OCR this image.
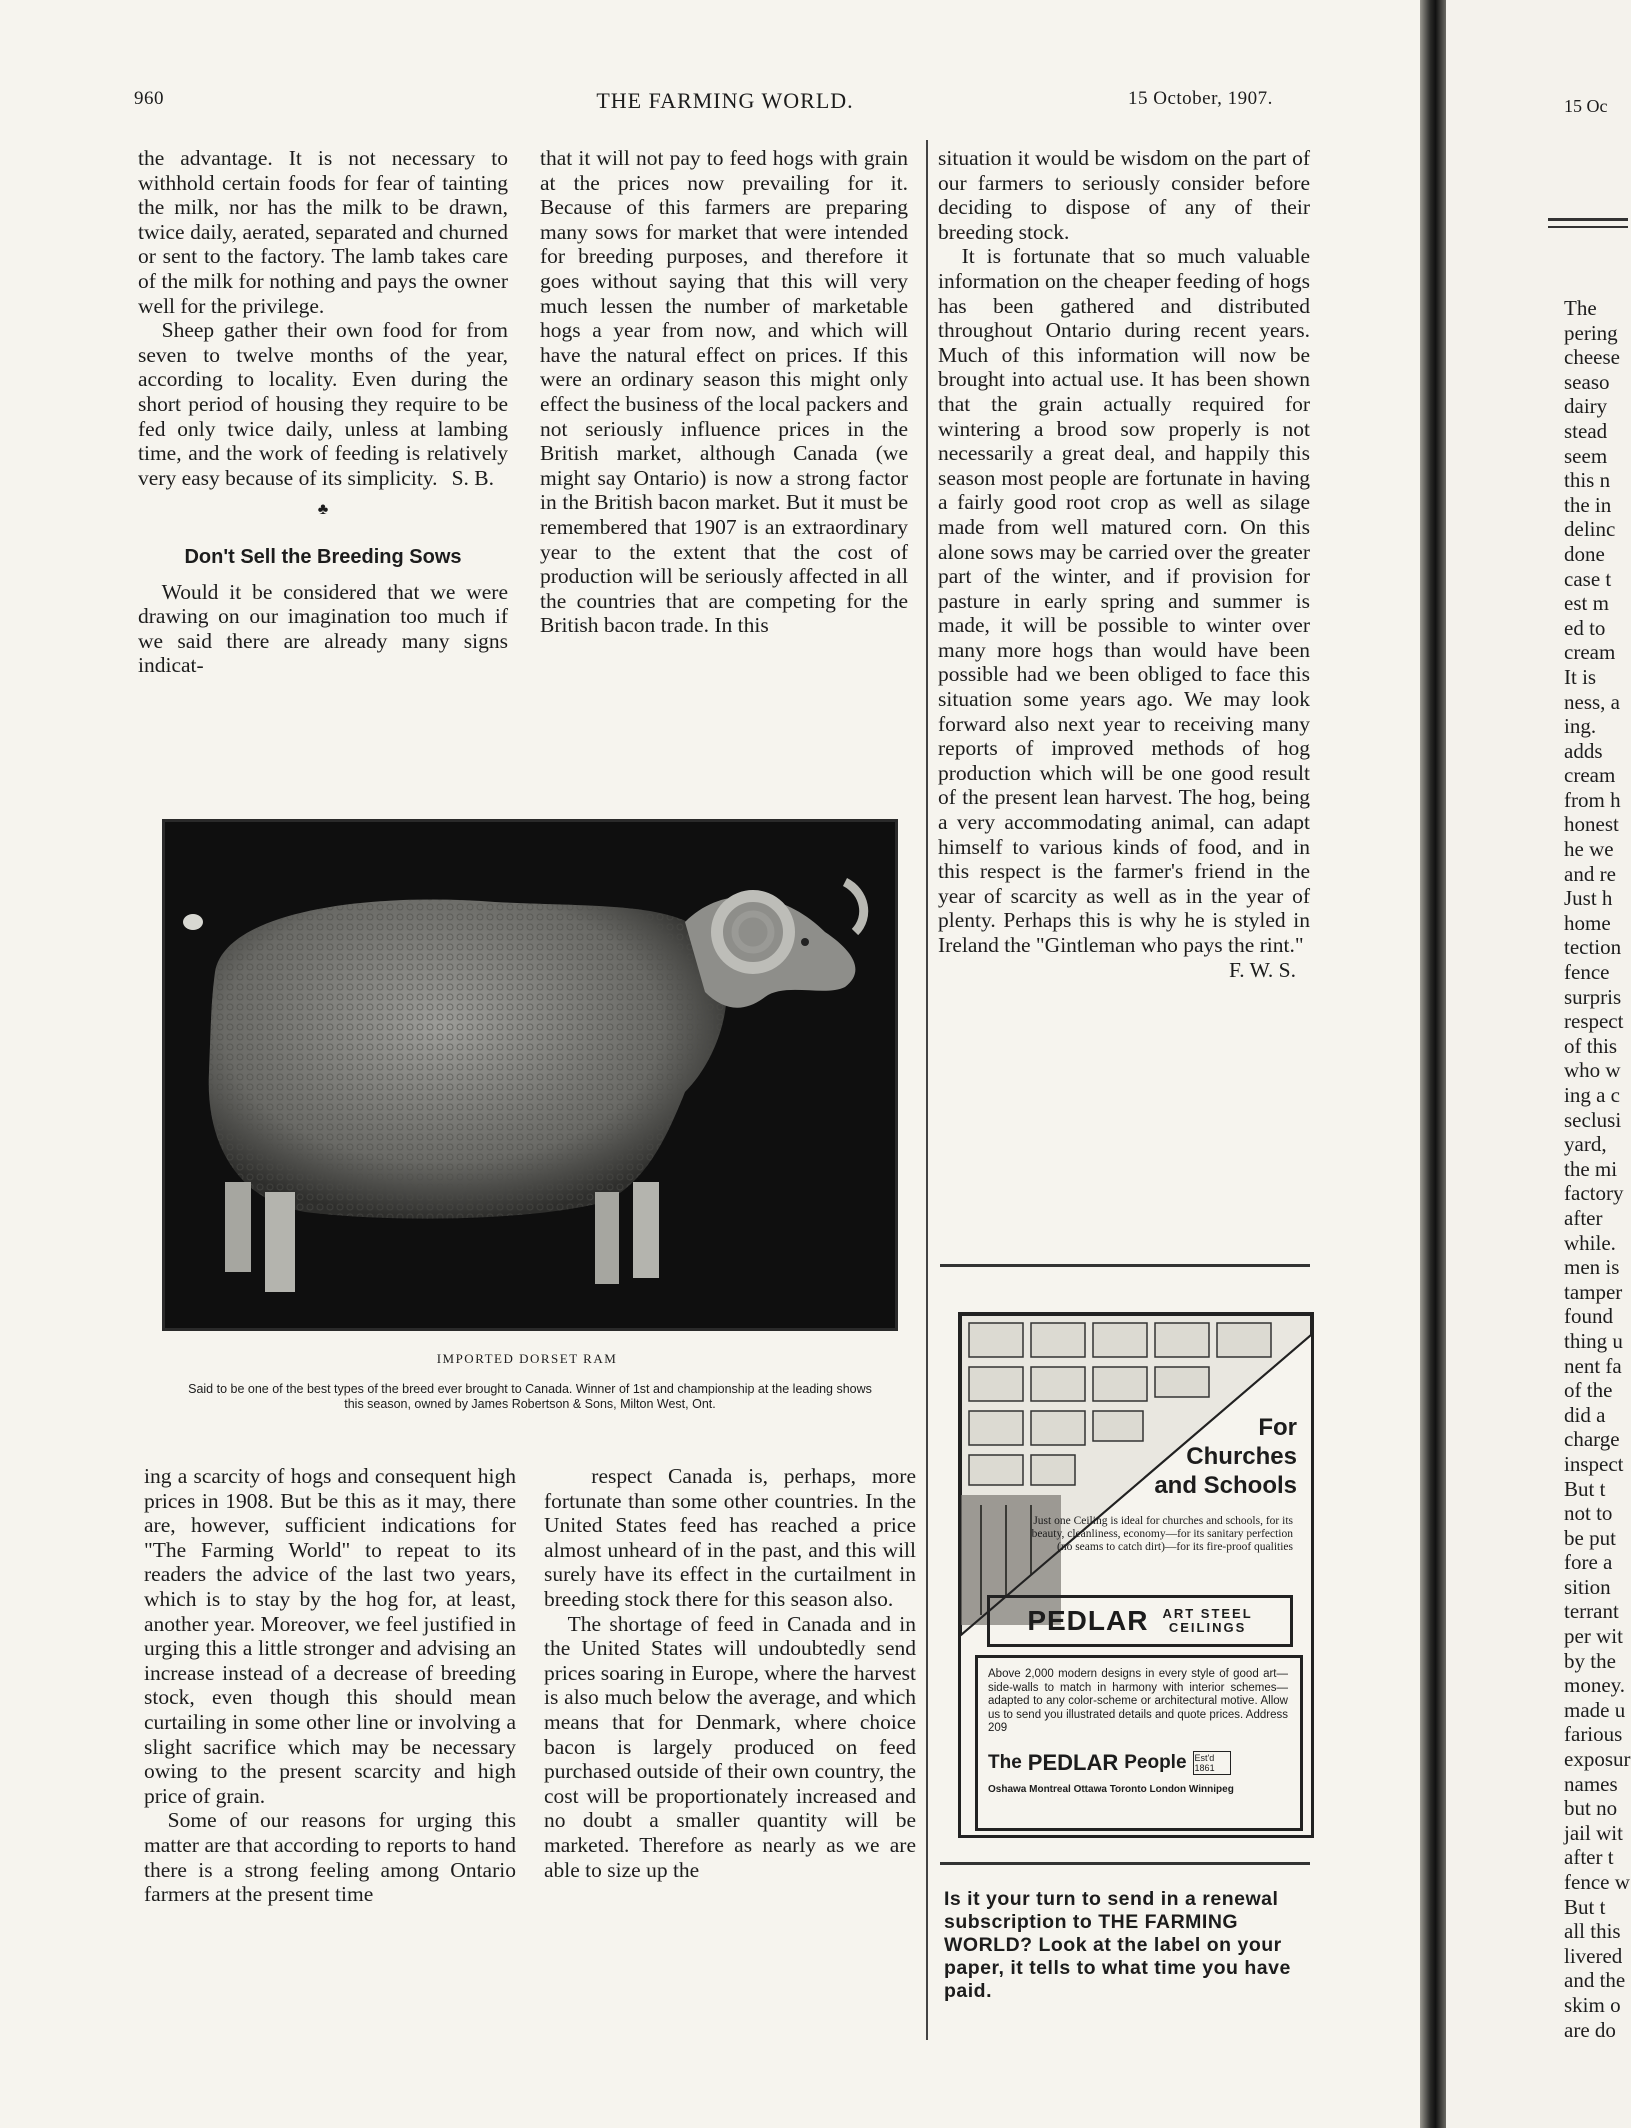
960	THE FARMING WORLD.	15 October, 1907.

the advantage. It is not necessary to withhold certain foods for fear of tainting the milk, nor has the milk to be drawn, twice daily, aerated, separated and churned or sent to the factory. The lamb takes care of the milk for nothing and pays the owner well for the privilege.

Sheep gather their own food for from seven to twelve months of the year, according to locality. Even during the short period of housing they require to be fed only twice daily, unless at lambing time, and the work of feeding is relatively very easy because of its simplicity. S. B.
♣
Don't Sell the Breeding Sows

Would it be considered that we were drawing on our imagination too much if we said there are already many signs indicat-

that it will not pay to feed hogs with grain at the prices now prevailing for it. Because of this farmers are preparing many sows for market that were intended for breeding purposes, and therefore it goes without saying that this will very much lessen the number of marketable hogs a year from now, and which will have the natural effect on prices. If this were an ordinary season this might only effect the business of the local packers and not seriously influence prices in the British market, although Canada (we might say Ontario) is now a strong factor in the British bacon market. But it must be remembered that 1907 is an extraordinary year to the extent that the cost of production will be seriously affected in all the countries that are competing for the British bacon trade. In this

situation it would be wisdom on the part of our farmers to seriously consider before deciding to dispose of any of their breeding stock.

It is fortunate that so much valuable information on the cheaper feeding of hogs has been gathered and distributed throughout Ontario during recent years. Much of this information will now be brought into actual use. It has been shown that the grain actually required for wintering a brood sow properly is not necessarily a great deal, and happily this season most people are fortunate in having a fairly good root crop as well as silage made from well matured corn. On this alone sows may be carried over the greater part of the winter, and if provision for pasture in early spring and summer is made, it will be possible to winter over many more hogs than would have been possible had we been obliged to face this situation some years ago. We may look forward also next year to receiving many reports of improved methods of hog production which will be one good result of the present lean harvest. The hog, being a very accommodating animal, can adapt himself to various kinds of food, and in this respect is the farmer's friend in the year of scarcity as well as in the year of plenty. Perhaps this is why he is styled in Ireland the "Gintleman who pays the rint."

F. W. S.
IMPORTED DORSET RAM
Said to be one of the best types of the breed ever brought to Canada. Winner of 1st and championship at the leading shows this season, owned by James Robertson & Sons, Milton West, Ont.

ing a scarcity of hogs and consequent high prices in 1908. But be this as it may, there are, however, sufficient indications for "The Farming World" to repeat to its readers the advice of the last two years, which is to stay by the hog for, at least, another year. Moreover, we feel justified in urging this a little stronger and advising an increase instead of a decrease of breeding stock, even though this should mean curtailing in some other line or involving a slight sacrifice which may be necessary owing to the present scarcity and high price of grain.

Some of our reasons for urging this matter are that according to reports to hand there is a strong feeling among Ontario farmers at the present time

respect Canada is, perhaps, more fortunate than some other countries. In the United States feed has reached a price almost unheard of in the past, and this will surely have its effect in the curtailment in breeding stock there for this season also.

The shortage of feed in Canada and in the United States will undoubtedly send prices soaring in Europe, where the harvest is also much below the average, and which means that for Denmark, where choice bacon is largely produced on feed purchased outside of their own country, the cost will be proportionately increased and no doubt a smaller quantity will be marketed. Therefore as nearly as we are able to size up the

For
Churches
and Schools
Just one Ceiling is ideal for churches and schools, for its beauty, cleanliness, economy—for its sanitary perfection (no seams to catch dirt)—for its fire-proof qualities
PEDLAR ART STEEL
CEILINGS
Above 2,000 modern designs in every style of good art—side-walls to match in harmony with interior schemes—adapted to any color-scheme or architectural motive. Allow us to send you illustrated details and quote prices. Address 209
The PEDLAR People Est'd 1861
Oshawa Montreal Ottawa Toronto London Winnipeg
Is it your turn to send in a renewal subscription to THE FARMING WORLD? Look at the label on your paper, it tells to what time you have paid.
15 Oc
The
pering
cheese
seaso
dairy
stead
seem
this n
the in
delinc
done
case t
est m
ed to
cream
It is
ness, a
ing.
adds
cream
from h
honest
he we
and re
Just h
home
tection
fence
surpris
respect
of this
who w
ing a c
seclusi
yard,
the mi
factory
after
while.
men is
tamper
found
thing u
nent fa
of the
did a
charge
inspect
But t
not to
be put
fore a
sition
terrant
per wit
by the
money.
made u
farious
exposur
names
but no
jail wit
after t
fence w
But t
all this
livered
and the
skim o
are do
